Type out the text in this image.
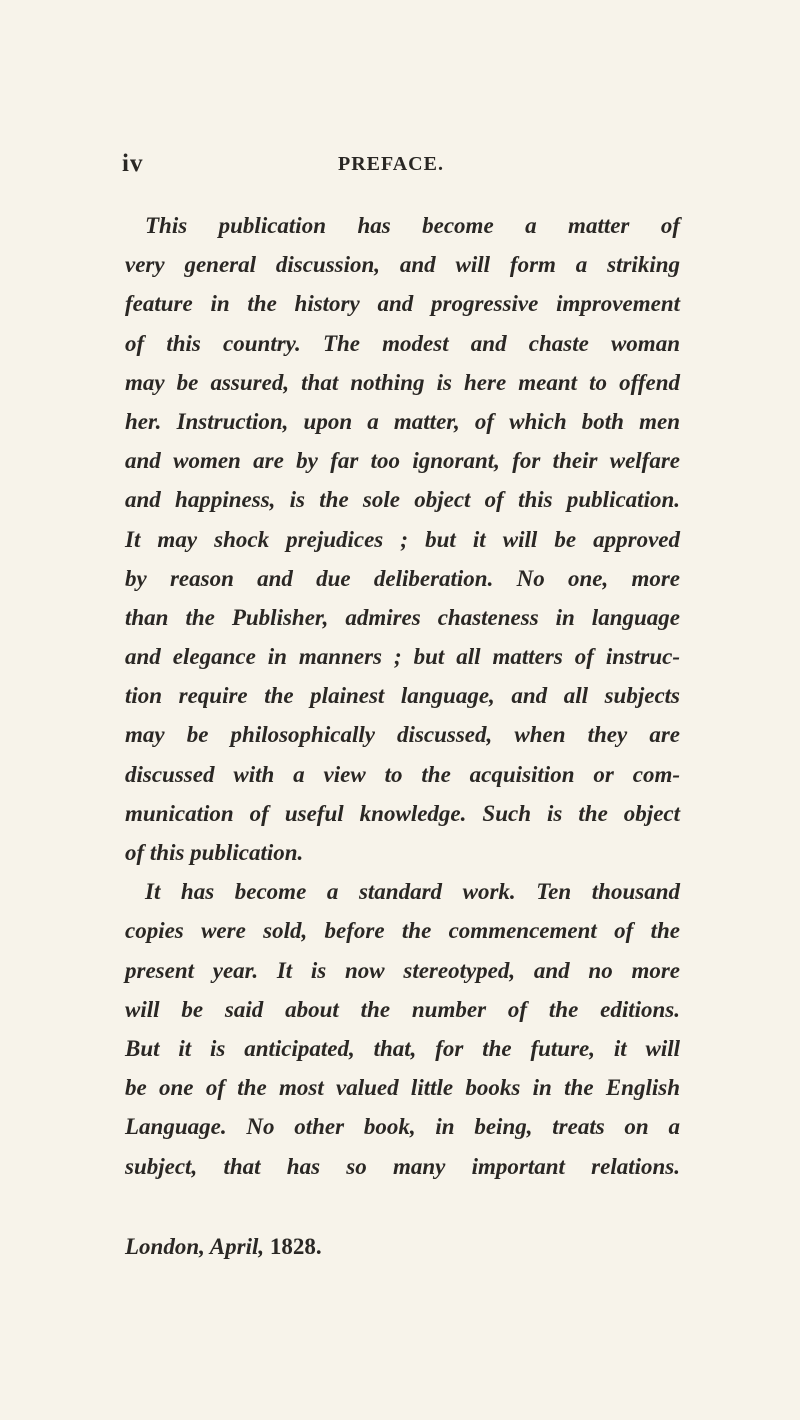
iv	PREFACE.
This publication has become a matter of
very general discussion, and will form a striking
feature in the history and progressive improvement
of this country. The modest and chaste woman
may be assured, that nothing is here meant to offend
her. Instruction, upon a matter, of which both men
and women are by far too ignorant, for their welfare
and happiness, is the sole object of this publication.
It may shock prejudices ; but it will be approved
by reason and due deliberation. No one, more
than the Publisher, admires chasteness in language
and elegance in manners ; but all matters of instruc-
tion require the plainest language, and all subjects
may be philosophically discussed, when they are
discussed with a view to the acquisition or com-
munication of useful knowledge. Such is the object
of this publication.
It has become a standard work. Ten thousand
copies were sold, before the commencement of the
present year. It is now stereotyped, and no more
will be said about the number of the editions.
But it is anticipated, that, for the future, it will
be one of the most valued little books in the English
Language. No other book, in being, treats on a
subject, that has so many important relations.
London, April, 1828.
